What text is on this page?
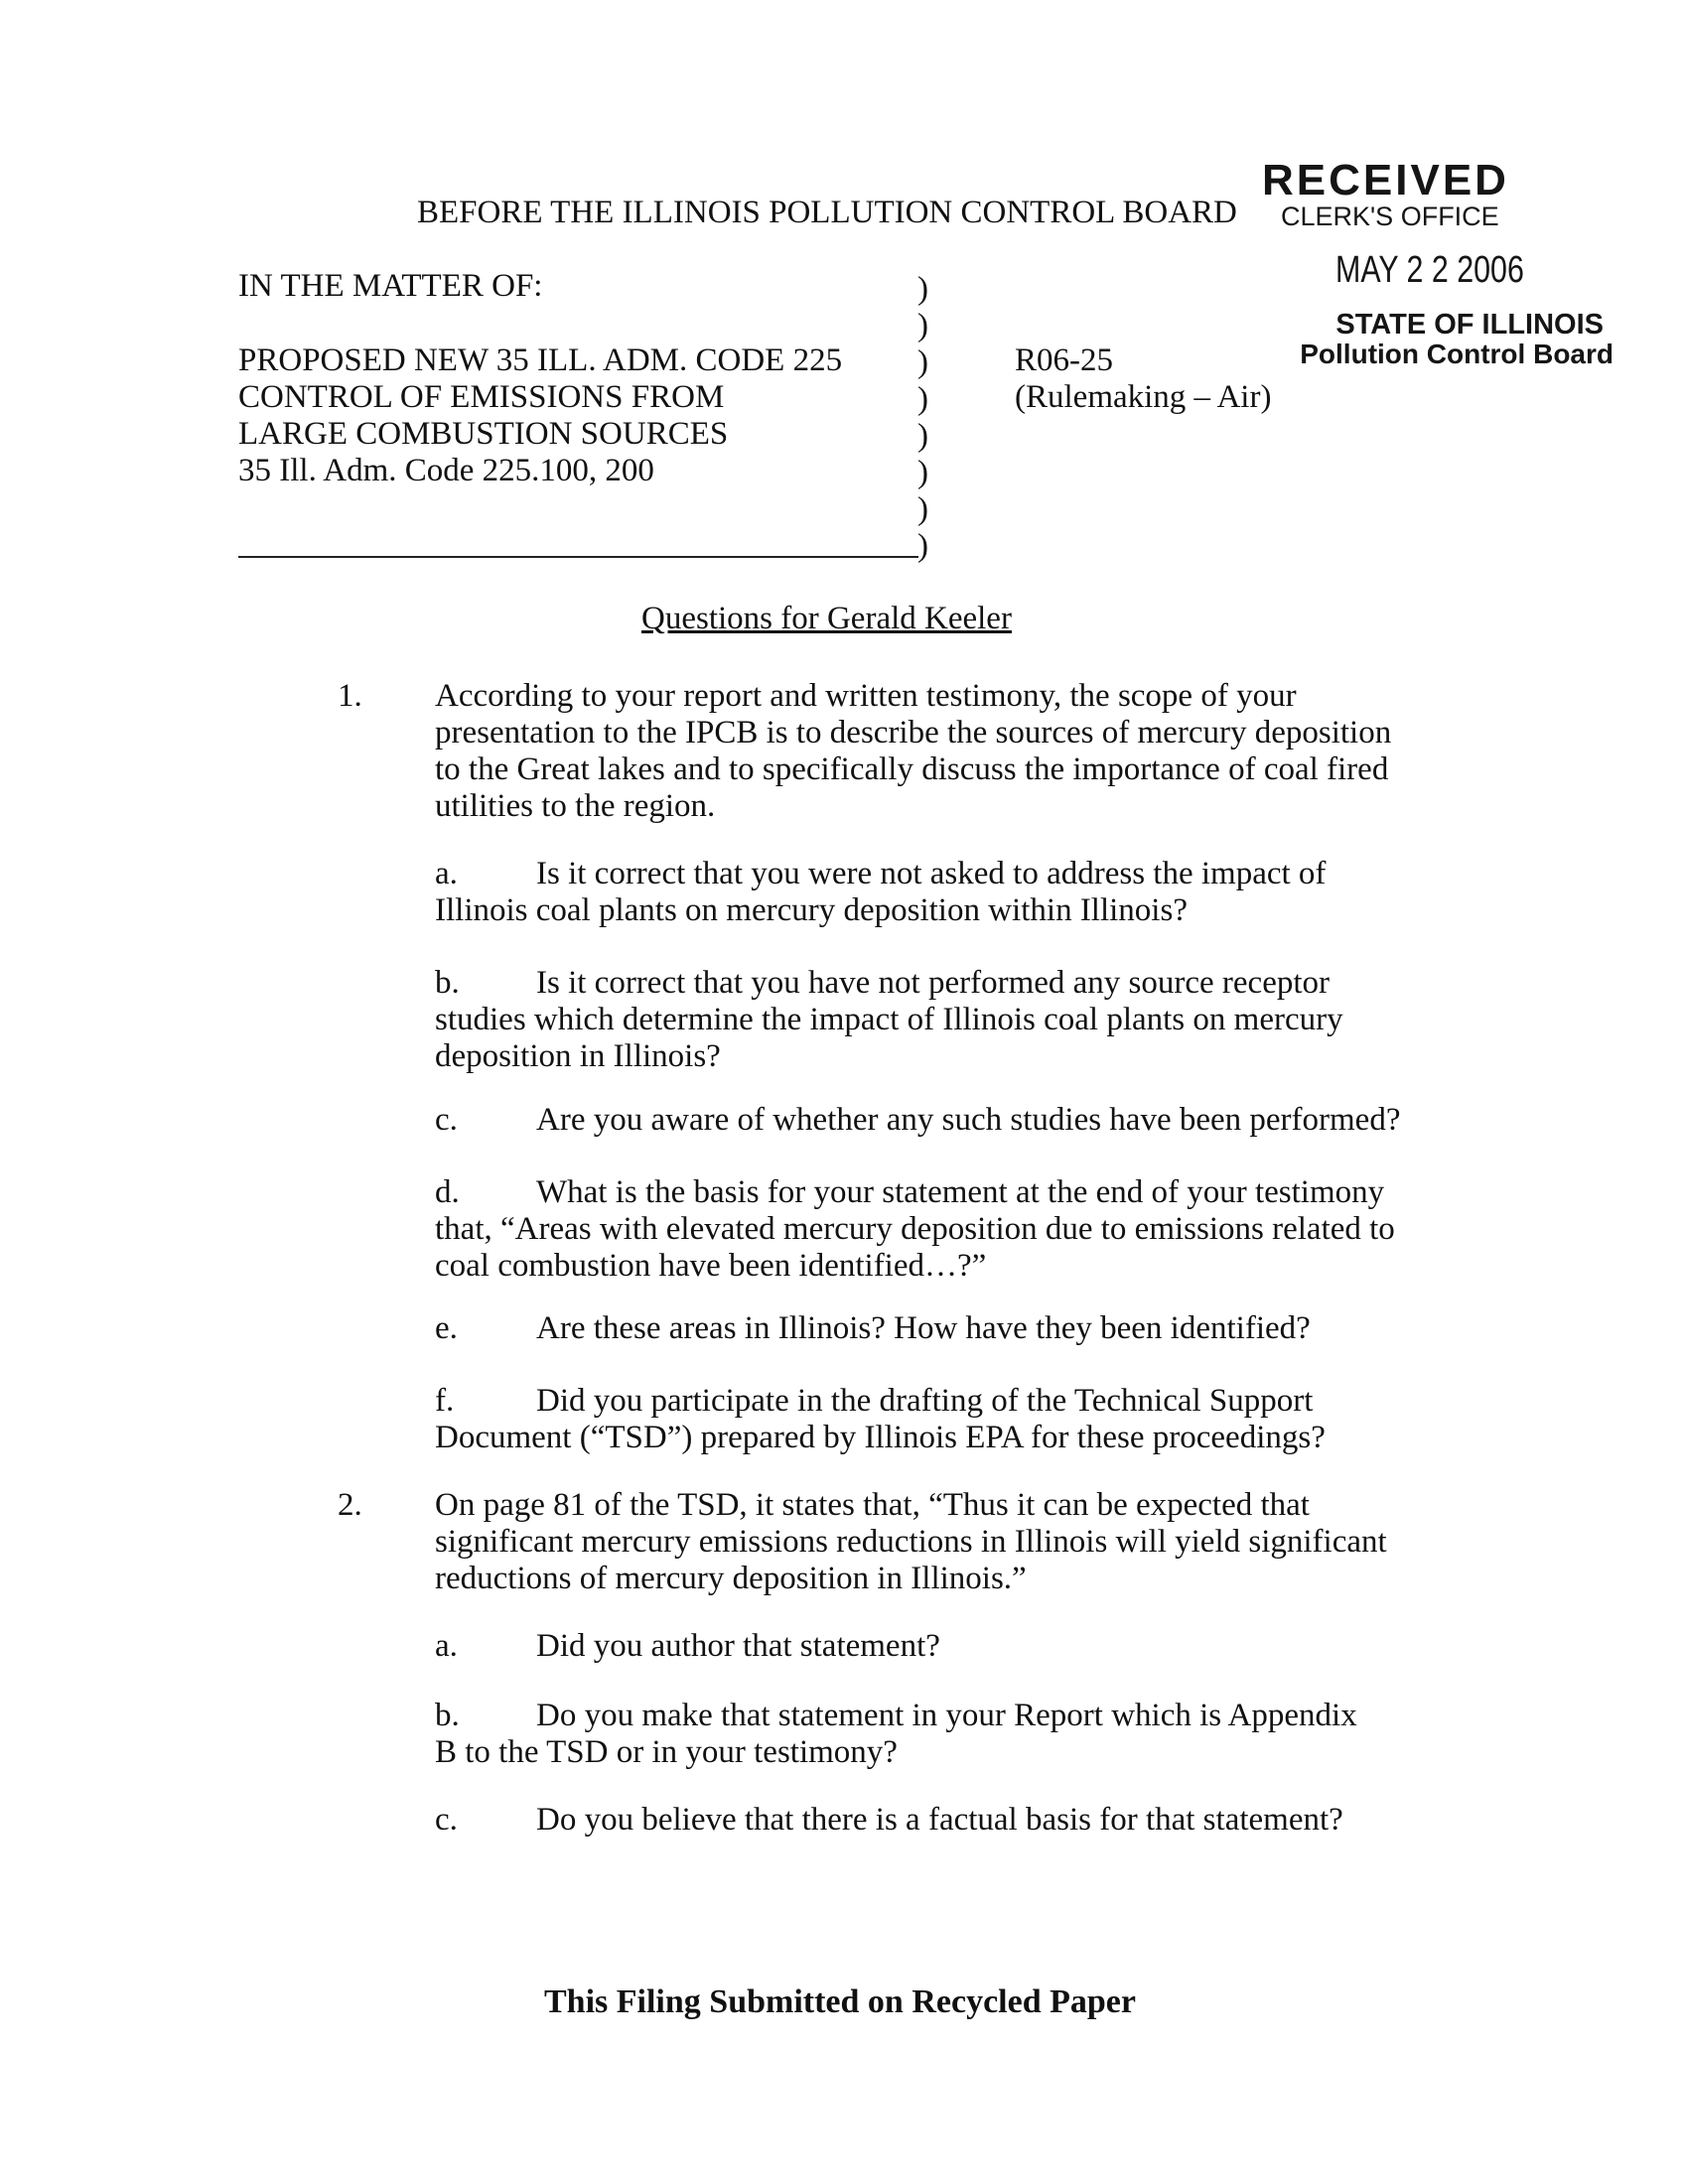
BEFORE THE ILLINOIS POLLUTION CONTROL BOARD
RECEIVED
CLERK'S OFFICE
MAY 2 2 2006
STATE OF ILLINOIS
Pollution Control Board
IN THE MATTER OF:
PROPOSED NEW 35 ILL. ADM. CODE 225
CONTROL OF EMISSIONS FROM
LARGE COMBUSTION SOURCES
35 Ill. Adm. Code 225.100, 200
)
)
)
)
)
)
)
)
R06-25
(Rulemaking – Air)
Questions for Gerald Keeler
1.	According to your report and written testimony, the scope of your presentation to the IPCB is to describe the sources of mercury deposition to the Great lakes and to specifically discuss the importance of coal fired utilities to the region.
a. Is it correct that you were not asked to address the impact of Illinois coal plants on mercury deposition within Illinois?
b. Is it correct that you have not performed any source receptor studies which determine the impact of Illinois coal plants on mercury deposition in Illinois?
c. Are you aware of whether any such studies have been performed?
d. What is the basis for your statement at the end of your testimony that, “Areas with elevated mercury deposition due to emissions related to coal combustion have been identified…?”
e. Are these areas in Illinois? How have they been identified?
f.	Did you participate in the drafting of the Technical Support Document (“TSD”) prepared by Illinois EPA for these proceedings?
2.	On page 81 of the TSD, it states that, “Thus it can be expected that significant mercury emissions reductions in Illinois will yield significant reductions of mercury deposition in Illinois.”
a. Did you author that statement?
b. Do you make that statement in your Report which is Appendix B to the TSD or in your testimony?
c. Do you believe that there is a factual basis for that statement?
This Filing Submitted on Recycled Paper
